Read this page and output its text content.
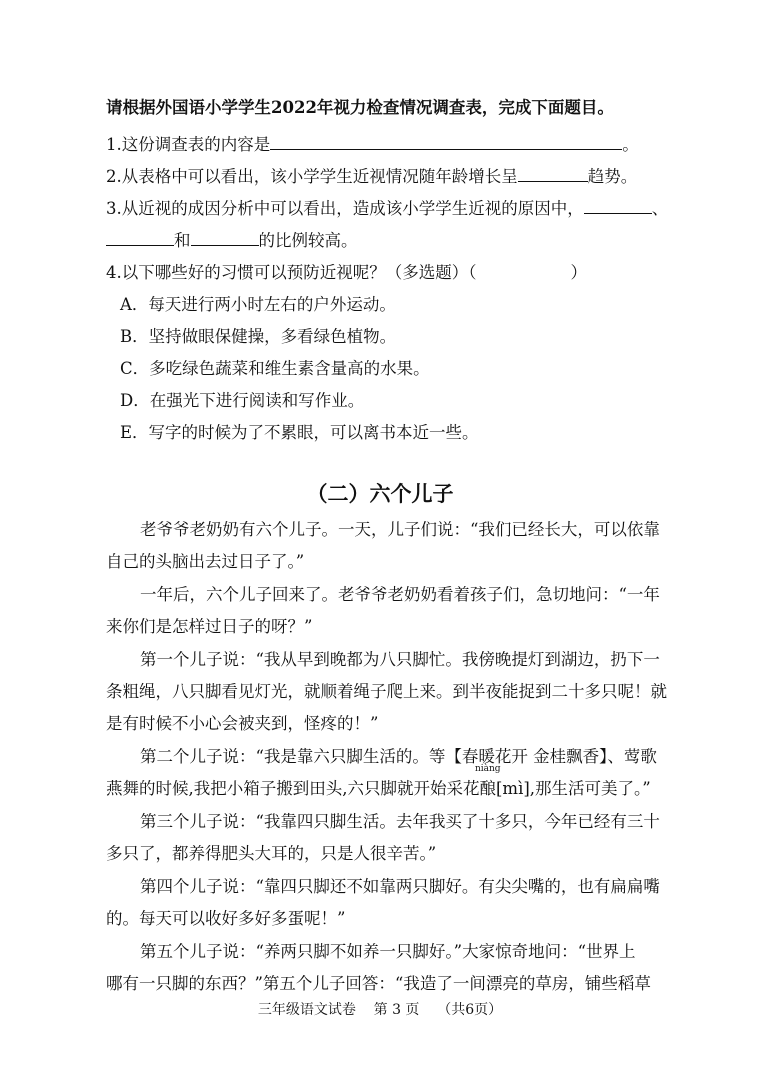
请根据外国语小学学生2022年视力检查情况调查表，完成下面题目。
1.这份调查表的内容是	。
2.从表格中可以看出，该小学学生近视情况随年龄增长呈	趋势。
3.从近视的成因分析中可以看出，造成该小学学生近视的原因中，	、
和	的比例较高。
4.以下哪些好的习惯可以预防近视呢？（多选题）（	）
A．每天进行两小时左右的户外运动。
B．坚持做眼保健操，多看绿色植物。
C．多吃绿色蔬菜和维生素含量高的水果。
D．在强光下进行阅读和写作业。
E．写字的时候为了不累眼，可以离书本近一些。
（二）六个儿子
老爷爷老奶奶有六个儿子。一天，儿子们说：“我们已经长大，可以依靠
自己的头脑出去过日子了。”
一年后，六个儿子回来了。老爷爷老奶奶看着孩子们，急切地问：“一年
来你们是怎样过日子的呀？”
第一个儿子说：“我从早到晚都为八只脚忙。我傍晚提灯到湖边，扔下一
条粗绳，八只脚看见灯光，就顺着绳子爬上来。到半夜能捉到二十多只呢！就
是有时候不小心会被夹到，怪疼的！”
第二个儿子说：“我是靠六只脚生活的。等【春暖花开 金桂飘香】、莺歌
燕舞的时候,我把小箱子搬到田头,六只脚就开始采花
niàng
酿[mì],那生活可美了。”
第三个儿子说：“我靠四只脚生活。去年我买了十多只，今年已经有三十
多只了，都养得肥头大耳的，只是人很辛苦。”
第四个儿子说：“靠四只脚还不如靠两只脚好。有尖尖嘴的，也有扁扁嘴
的。每天可以收好多好多蛋呢！”
第五个儿子说：“养两只脚不如养一只脚好。”大家惊奇地问：“世界上
哪有一只脚的东西？”第五个儿子回答：“我造了一间漂亮的草房，铺些稻草
三年级语文试卷    第 3 页    （共6页）
